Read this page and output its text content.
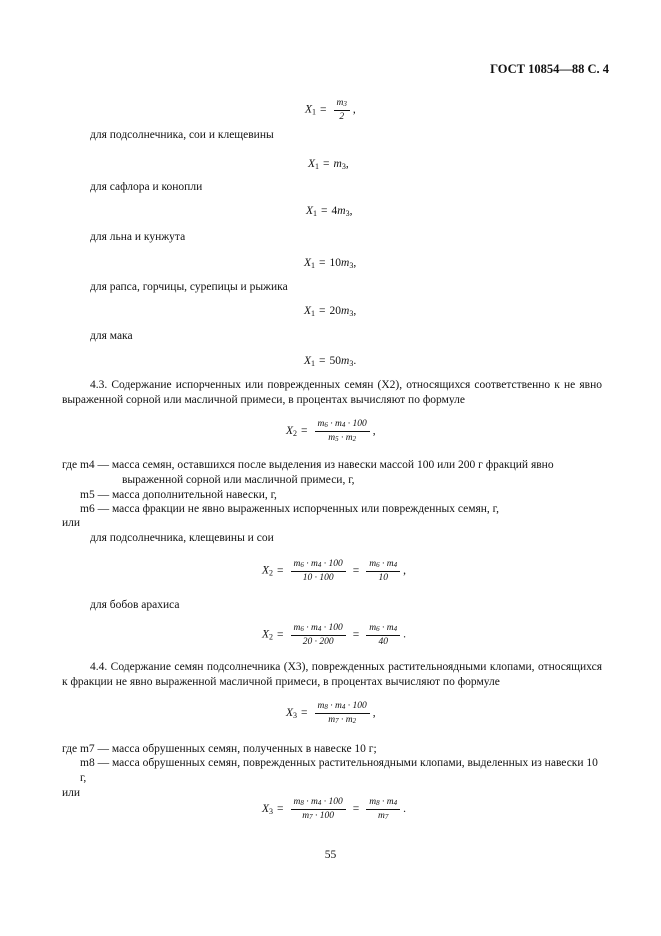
ГОСТ 10854—88 С. 4
$X_1 = \frac{m_3}{2}$ ,
для подсолнечника, сои и клещевины
$X_1 = m_3$,
для сафлора и конопли
$X_1 = 4m_3$,
для льна и кунжута
$X_1 = 10m_3$,
для рапса, горчицы, сурепицы и рыжика
$X_1 = 20m_3$,
для мака
$X_1 = 50m_3$.
4.3. Содержание испорченных или поврежденных семян (X2), относящихся соответственно к не явно выраженной сорной или масличной примеси, в процентах вычисляют по формуле
$X_2 = \frac{m_6 \cdot m_4 \cdot 100}{m_5 \cdot m_2}$ ,
где m4 — масса семян, оставшихся после выделения из навески массой 100 или 200 г фракций явно
выраженной сорной или масличной примеси, г,
m5 — масса дополнительной навески, г,
m6 — масса фракции не явно выраженных испорченных или поврежденных семян, г,
или
для подсолнечника, клещевины и сои
$X_2 = \frac{m_6 \cdot m_4 \cdot 100}{10 \cdot 100} = \frac{m_6 \cdot m_4}{10}$ ,
для бобов арахиса
$X_2 = \frac{m_6 \cdot m_4 \cdot 100}{20 \cdot 200} = \frac{m_6 \cdot m_4}{40}$ .
4.4. Содержание семян подсолнечника (X3), поврежденных растительноядными клопами, относящихся к фракции не явно выраженной масличной примеси, в процентах вычисляют по формуле
$X_3 = \frac{m_8 \cdot m_4 \cdot 100}{m_7 \cdot m_2}$ ,
где m7 — масса обрушенных семян, полученных в навеске 10 г;
m8 — масса обрушенных семян, поврежденных растительноядными клопами, выделенных из навески 10 г,
или
$X_3 = \frac{m_8 \cdot m_4 \cdot 100}{m_7 \cdot 100} = \frac{m_8 \cdot m_4}{m_7}$ .
55
